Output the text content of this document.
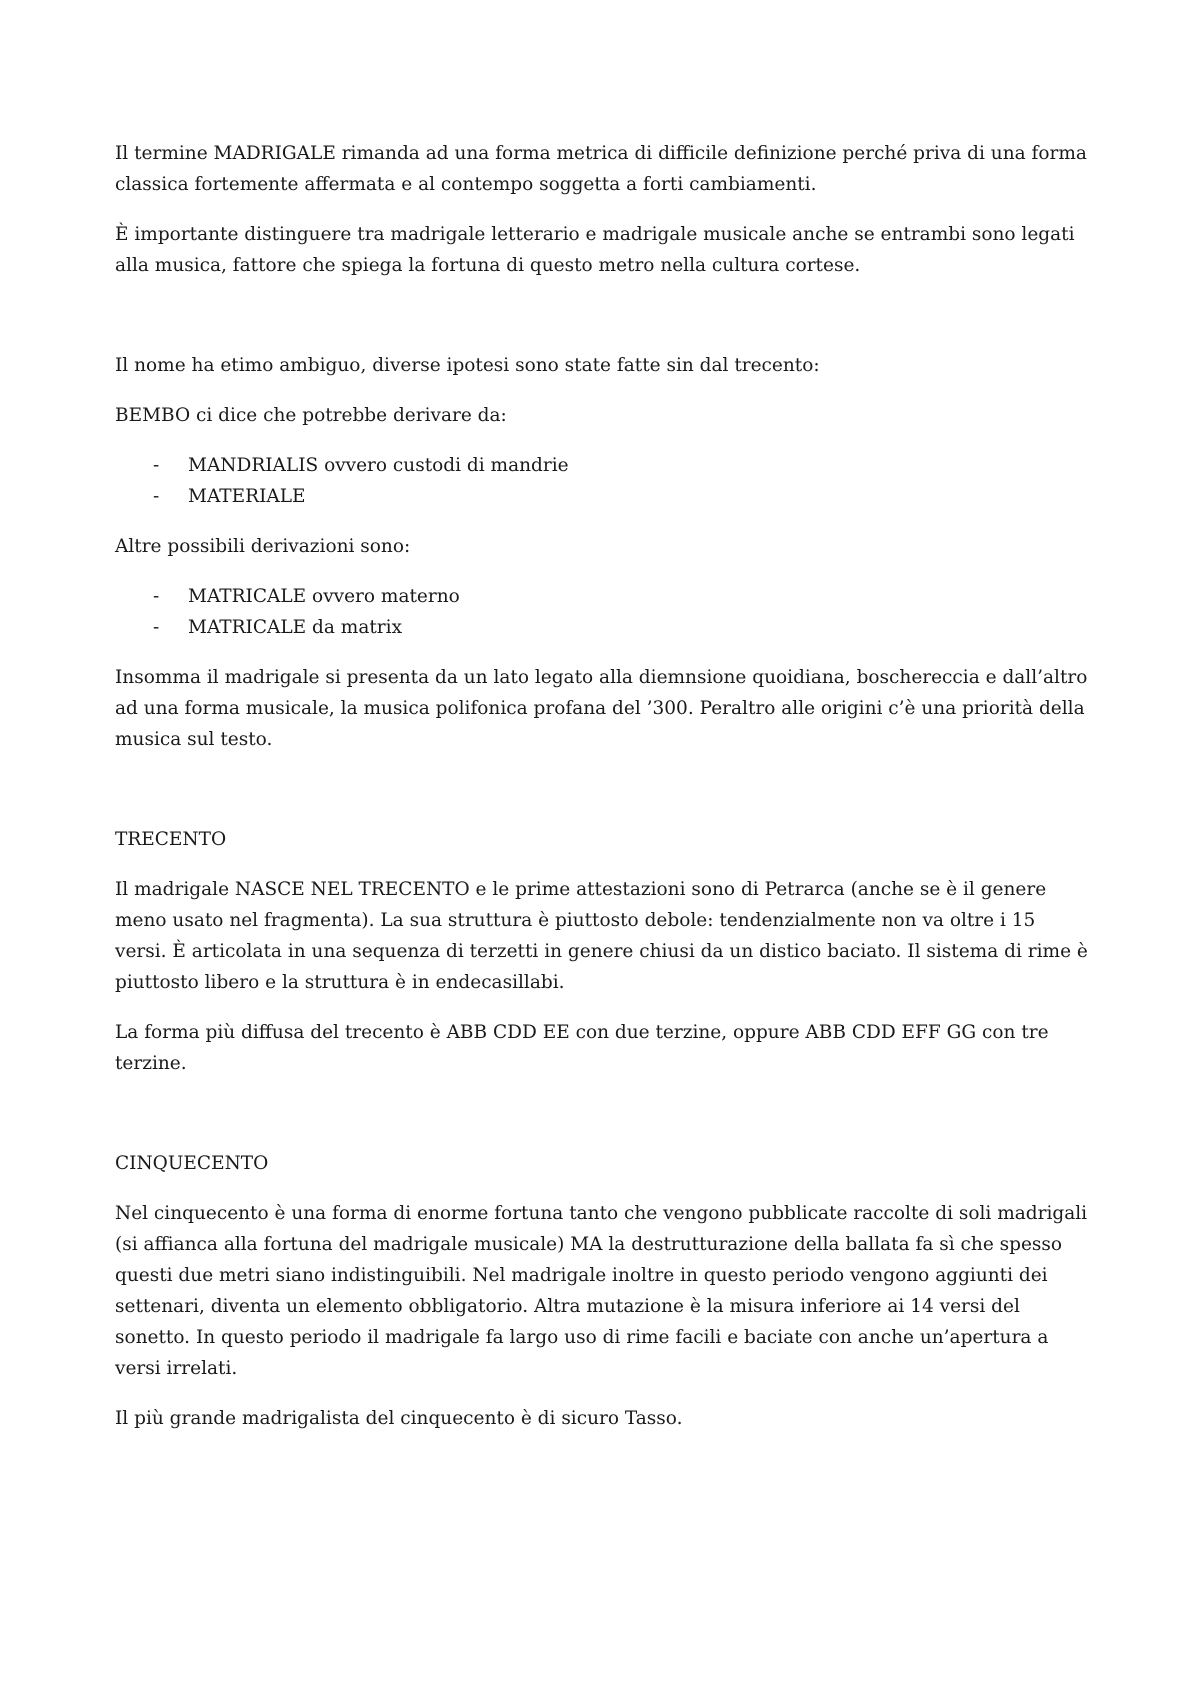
Il termine MADRIGALE rimanda ad una forma metrica di difficile definizione perché priva di una forma classica fortemente affermata e al contempo soggetta a forti cambiamenti.

È importante distinguere tra madrigale letterario e madrigale musicale anche se entrambi sono legati alla musica, fattore che spiega la fortuna di questo metro nella cultura cortese.

Il nome ha etimo ambiguo, diverse ipotesi sono state fatte sin dal trecento:

BEMBO ci dice che potrebbe derivare da:

- MANDRIALIS ovvero custodi di mandrie
- MATERIALE

Altre possibili derivazioni sono:

- MATRICALE ovvero materno
- MATRICALE da matrix

Insomma il madrigale si presenta da un lato legato alla diemnsione quoidiana, boschereccia e dall’altro ad una forma musicale, la musica polifonica profana del ’300. Peraltro alle origini c’è una priorità della musica sul testo.

TRECENTO

Il madrigale NASCE NEL TRECENTO e le prime attestazioni sono di Petrarca (anche se è il genere meno usato nel fragmenta). La sua struttura è piuttosto debole: tendenzialmente non va oltre i 15 versi. È articolata in una sequenza di terzetti in genere chiusi da un distico baciato. Il sistema di rime è piuttosto libero e la struttura è in endecasillabi.

La forma più diffusa del trecento è ABB CDD EE con due terzine, oppure ABB CDD EFF GG con tre terzine.

CINQUECENTO

Nel cinquecento è una forma di enorme fortuna tanto che vengono pubblicate raccolte di soli madrigali (si affianca alla fortuna del madrigale musicale) MA la destrutturazione della ballata fa sì che spesso questi due metri siano indistinguibili. Nel madrigale inoltre in questo periodo vengono aggiunti dei settenari, diventa un elemento obbligatorio. Altra mutazione è la misura inferiore ai 14 versi del sonetto. In questo periodo il madrigale fa largo uso di rime facili e baciate con anche un’apertura a versi irrelati.

Il più grande madrigalista del cinquecento è di sicuro Tasso.
